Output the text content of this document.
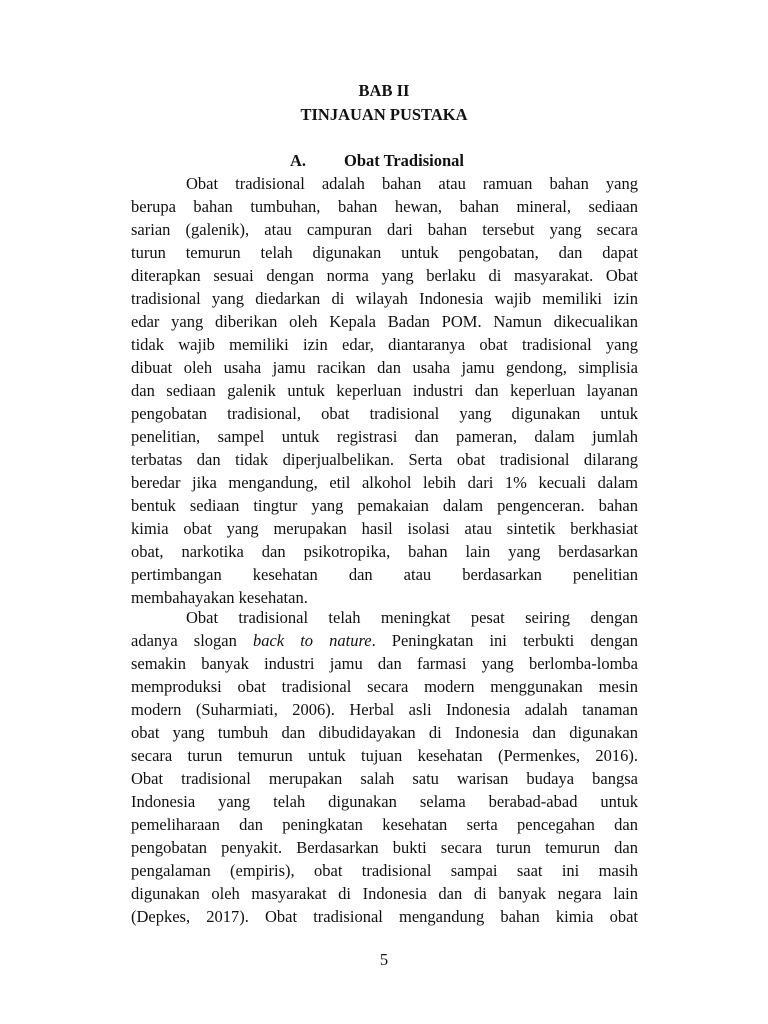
BAB II
TINJAUAN PUSTAKA
A. Obat Tradisional
Obat tradisional adalah bahan atau ramuan bahan yang
berupa bahan tumbuhan, bahan hewan, bahan mineral, sediaan
sarian (galenik), atau campuran dari bahan tersebut yang secara
turun temurun telah digunakan untuk pengobatan, dan dapat
diterapkan sesuai dengan norma yang berlaku di masyarakat. Obat
tradisional yang diedarkan di wilayah Indonesia wajib memiliki izin
edar yang diberikan oleh Kepala Badan POM. Namun dikecualikan
tidak wajib memiliki izin edar, diantaranya obat tradisional yang
dibuat oleh usaha jamu racikan dan usaha jamu gendong, simplisia
dan sediaan galenik untuk keperluan industri dan keperluan layanan
pengobatan tradisional, obat tradisional yang digunakan untuk
penelitian, sampel untuk registrasi dan pameran, dalam jumlah
terbatas dan tidak diperjualbelikan. Serta obat tradisional dilarang
beredar jika mengandung, etil alkohol lebih dari 1% kecuali dalam
bentuk sediaan tingtur yang pemakaian dalam pengenceran. bahan
kimia obat yang merupakan hasil isolasi atau sintetik berkhasiat
obat, narkotika dan psikotropika, bahan lain yang berdasarkan
pertimbangan kesehatan dan atau berdasarkan penelitian
membahayakan kesehatan.
Obat tradisional telah meningkat pesat seiring dengan
adanya slogan back to nature. Peningkatan ini terbukti dengan
semakin banyak industri jamu dan farmasi yang berlomba-lomba
memproduksi obat tradisional secara modern menggunakan mesin
modern (Suharmiati, 2006). Herbal asli Indonesia adalah tanaman
obat yang tumbuh dan dibudidayakan di Indonesia dan digunakan
secara turun temurun untuk tujuan kesehatan (Permenkes, 2016).
Obat tradisional merupakan salah satu warisan budaya bangsa
Indonesia yang telah digunakan selama berabad-abad untuk
pemeliharaan dan peningkatan kesehatan serta pencegahan dan
pengobatan penyakit. Berdasarkan bukti secara turun temurun dan
pengalaman (empiris), obat tradisional sampai saat ini masih
digunakan oleh masyarakat di Indonesia dan di banyak negara lain
(Depkes, 2017). Obat tradisional mengandung bahan kimia obat
5
